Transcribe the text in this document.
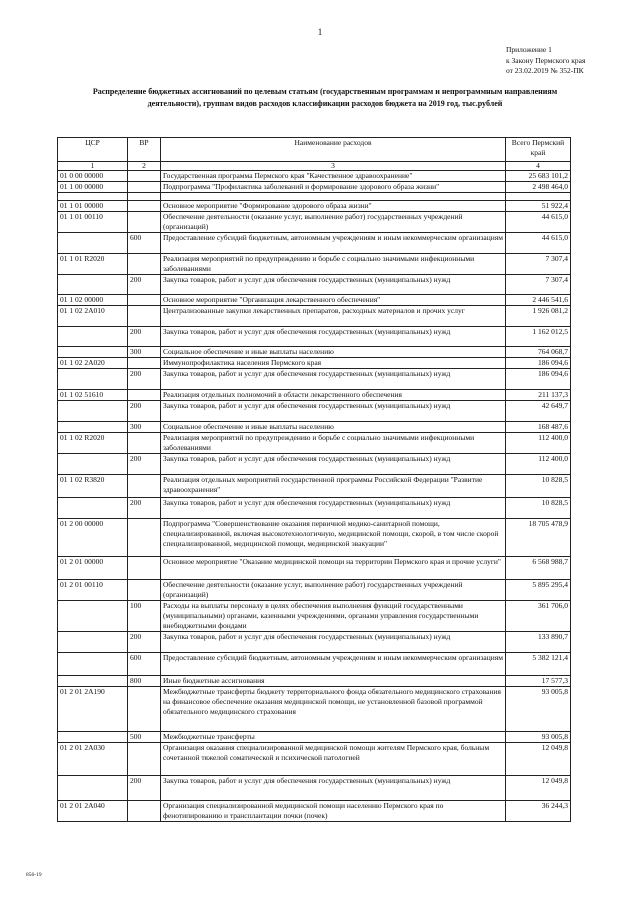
1
Приложение 1
к Закону Пермского края
от 23.02.2019 № 352-ПК
Распределение бюджетных ассигнований по целевым статьям (государственным программам и непрограммным направлениям
деятельности), группам видов расходов классификации расходов бюджета на 2019 год, тыс.рублей
ЦСР	ВР	Наименование расходов	Всего Пермский край
1	2	3	4
01 0 00 00000		Государственная программа Пермского края "Качественное здравоохранение"	25 683 101,2
01 1 00 00000		Подпрограмма "Профилактика заболеваний и формирование здорового образа жизни"	2 498 464,0

01 1 01 00000		Основное мероприятие "Формирование здорового образа жизни"	51 922,4
01 1 01 00110		Обеспечение деятельности (оказание услуг, выполнение работ) государственных учреждений (организаций)	44 615,0
	600	Предоставление субсидий бюджетным, автономным учреждениям и иным некоммерческим организациям	44 615,0
01 1 01 R2020		Реализация мероприятий по предупреждению и борьбе с социально значимыми инфекционными заболеваниями	7 307,4
	200	Закупка товаров, работ и услуг для обеспечения государственных (муниципальных) нужд	7 307,4
01 1 02 00000		Основное мероприятие "Организация лекарственного обеспечения"	2 446 541,6
01 1 02 2А010		Централизованные закупки лекарственных препаратов, расходных материалов и прочих услуг	1 926 081,2
	200	Закупка товаров, работ и услуг для обеспечения государственных (муниципальных) нужд	1 162 012,5
	300	Социальное обеспечение и иные выплаты населению	764 068,7
01 1 02 2А020		Иммунопрофилактика населения Пермского края	186 094,6
	200	Закупка товаров, работ и услуг для обеспечения государственных (муниципальных) нужд	186 094,6
01 1 02 51610		Реализация отдельных полномочий в области лекарственного обеспечения	211 137,3
	200	Закупка товаров, работ и услуг для обеспечения государственных (муниципальных) нужд	42 649,7
	300	Социальное обеспечение и иные выплаты населению	168 487,6
01 1 02 R2020		Реализация мероприятий по предупреждению и борьбе с социально значимыми инфекционными заболеваниями	112 400,0
	200	Закупка товаров, работ и услуг для обеспечения государственных (муниципальных) нужд	112 400,0
01 1 02 R3820		Реализация отдельных мероприятий государственной программы Российской Федерации "Развитие здравоохранения"	10 828,5
	200	Закупка товаров, работ и услуг для обеспечения государственных (муниципальных) нужд	10 828,5
01 2 00 00000		Подпрограмма "Совершенствование оказания первичной медико-санитарной помощи, специализированной, включая высокотехнологичную, медицинской помощи, скорой, в том числе скорой специализированной, медицинской помощи, медицинской эвакуации"	18 705 478,9
01 2 01 00000		Основное мероприятие "Оказание медицинской помощи на территории Пермского края и прочие услуги"	6 568 988,7
01 2 01 00110		Обеспечение деятельности (оказание услуг, выполнение работ) государственных учреждений (организаций)	5 895 295,4
	100	Расходы на выплаты персоналу в целях обеспечения выполнения функций государственными (муниципальными) органами, казенными учреждениями, органами управления государственными внебюджетными фондами	361 706,0
	200	Закупка товаров, работ и услуг для обеспечения государственных (муниципальных) нужд	133 890,7
	600	Предоставление субсидий бюджетным, автономным учреждениям и иным некоммерческим организациям	5 382 121,4
	800	Иные бюджетные ассигнования	17 577,3
01 2 01 2А190		Межбюджетные трансферты бюджету территориального фонда обязательного медицинского страхования на финансовое обеспечение оказания медицинской помощи, не установленной базовой программой обязательного медицинского страхования	93 005,8
	500	Межбюджетные трансферты	93 005,8
01 2 01 2А030		Организация оказания специализированной медицинской помощи жителям Пермского края, больным сочетанной тяжелой соматической и психической патологией	12 049,8
	200	Закупка товаров, работ и услуг для обеспечения государственных (муниципальных) нужд	12 049,8
01 2 01 2А040		Организация специализированной медицинской помощи населению Пермского края по фенотипированию и трансплантации почки (почек)	36 244,3
856-19
